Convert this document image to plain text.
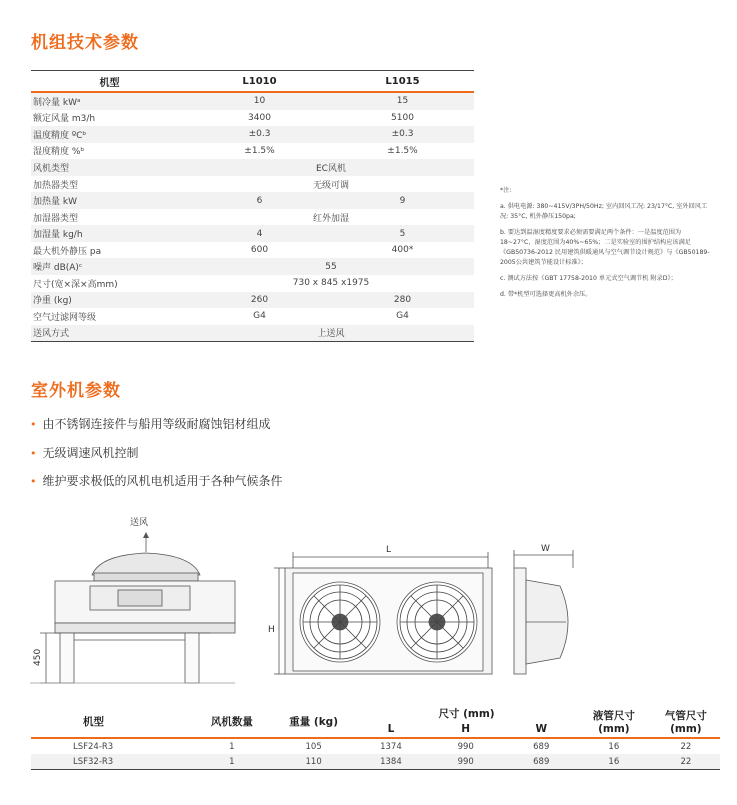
机组技术参数
机型	L1010	L1015
制冷量 kWᵃ	10	15
额定风量 m3/h	3400	5100
温度精度 ºCᵇ	±0.3	±0.3
湿度精度 %ᵇ	±1.5%	±1.5%
风机类型	EC风机	
加热器类型	无级可调	
加热量 kW	6	9
加湿器类型	红外加湿	
加湿量 kg/h	4	5
最大机外静压 pa	600	400*
噪声 dB(A)ᶜ	55	
尺寸(宽×深×高mm)	730 x 845 x1975	
净重 (kg)	260	280
空气过滤网等级	G4	G4
送风方式	上送风	

*注:

a. 供电电源: 380~415V/3PH/50Hz; 室内回风工况: 23/17°C, 室外回风工况: 35°C, 机外静压150pa;

b. 要达到温湿度精度要求必须需要满足两个条件：一是温度范围为18~27°C，湿度范围为40%~65%；二是实验室的围护结构应该满足《GB50736-2012 民用建筑供暖通风与空气调节设计规范》与《GB50189-2005公共建筑节能设计标准》；

c. 测试方法按《GBT 17758-2010 单元式空气调节机 附录D》；

d. 带*机型可选择更高机外余压。

室外机参数
• 由不锈钢连接件与船用等级耐腐蚀铝材组成
• 无级调速风机控制
• 维护要求极低的风机电机适用于各种气候条件
送风
450
L
H
W
机型	风机数量	重量 (kg)	尺寸 (mm)			液管尺寸 (mm)	气管尺寸 (mm)
			L	H	W		
LSF24-R3	1	105	1374	990	689	16	22
LSF32-R3	1	110	1384	990	689	16	22
